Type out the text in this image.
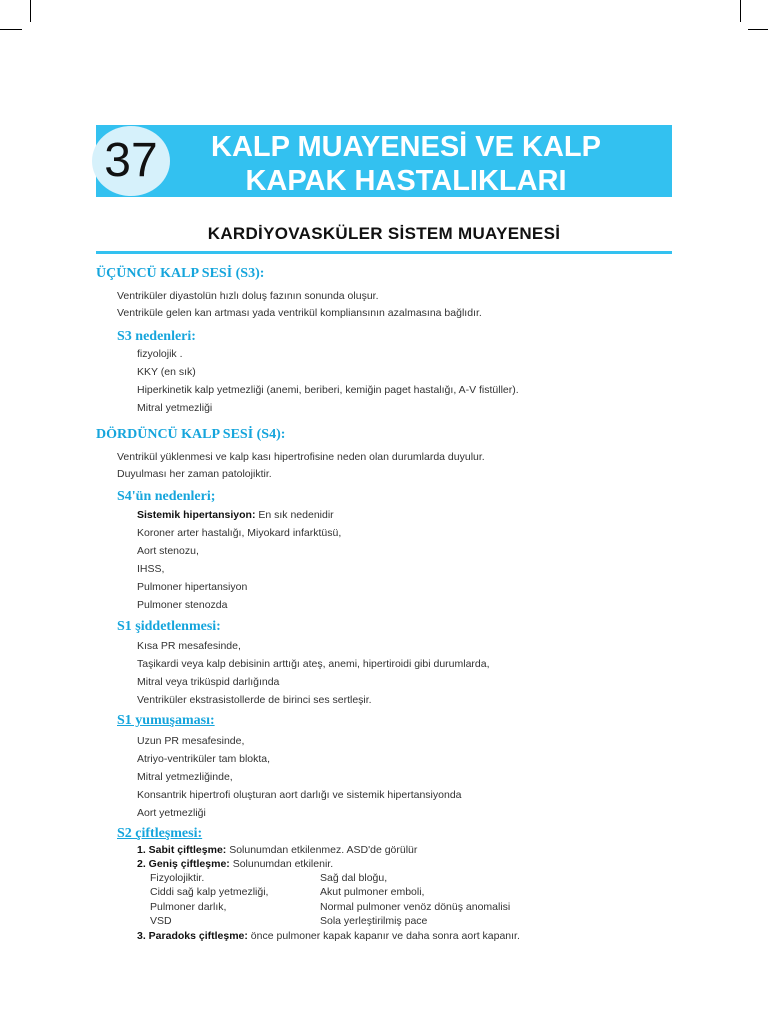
37	KALP MUAYENESİ VE KALP
KAPAK HASTALIKLARI
KARDİYOVASKÜLER SİSTEM MUAYENESİ
ÜÇÜNCÜ KALP SESİ (S3):
Ventriküler diyastolün hızlı doluş fazının sonunda oluşur.
Ventriküle gelen kan artması yada ventrikül kompliansının azalmasına bağlıdır.
S3 nedenleri:
fizyolojik .
KKY (en sık)
Hiperkinetik kalp yetmezliği (anemi, beriberi, kemiğin paget hastalığı, A-V fistüller).
Mitral yetmezliği
DÖRDÜNCÜ KALP SESİ (S4):
Ventrikül yüklenmesi ve kalp kası hipertrofisine neden olan durumlarda duyulur.
Duyulması her zaman patolojiktir.
S4'ün nedenleri;
Sistemik hipertansiyon: En sık nedenidir
Koroner arter hastalığı, Miyokard infarktüsü,
Aort stenozu,
IHSS,
Pulmoner hipertansiyon
Pulmoner stenozda
S1 şiddetlenmesi:
Kısa PR mesafesinde,
Taşikardi veya kalp debisinin arttığı ateş, anemi, hipertiroidi gibi durumlarda,
Mitral veya triküspid darlığında
Ventriküler ekstrasistollerde de birinci ses sertleşir.
S1 yumuşaması:
Uzun PR mesafesinde,
Atriyo-ventriküler tam blokta,
Mitral yetmezliğinde,
Konsantrik hipertrofi oluşturan aort darlığı ve sistemik hipertansiyonda
Aort yetmezliği
S2 çiftleşmesi:
1. Sabit çiftleşme: Solunumdan etkilenmez. ASD'de görülür
2. Geniş çiftleşme: Solunumdan etkilenir.
Fizyolojiktir.
Ciddi sağ kalp yetmezliği,
Pulmoner darlık,
VSD
Sağ dal bloğu,
Akut pulmoner emboli,
Normal pulmoner venöz dönüş anomalisi
Sola yerleştirilmiş pace
3. Paradoks çiftleşme: önce pulmoner kapak kapanır ve daha sonra aort kapanır.
